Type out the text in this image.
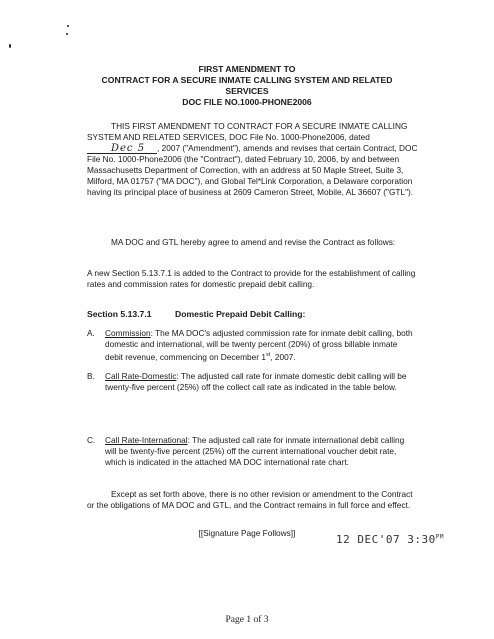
FIRST AMENDMENT TO
CONTRACT FOR A SECURE INMATE CALLING SYSTEM AND RELATED
SERVICES
DOC FILE NO.1000-PHONE2006

THIS FIRST AMENDMENT TO CONTRACT FOR A SECURE INMATE CALLING SYSTEM AND RELATED SERVICES, DOC File No. 1000-Phone2006, dated Dec 5 , 2007 ("Amendment"), amends and revises that certain Contract, DOC File No. 1000-Phone2006 (the "Contract"), dated February 10, 2006, by and between Massachusetts Department of Correction, with an address at 50 Maple Street, Suite 3, Milford, MA 01757 ("MA DOC"), and Global Tel*Link Corporation, a Delaware corporation having its principal place of business at 2609 Cameron Street, Mobile, AL 36607 ("GTL").

MA DOC and GTL hereby agree to amend and revise the Contract as follows:

A new Section 5.13.7.1 is added to the Contract to provide for the establishment of calling rates and commission rates for domestic prepaid debit calling.

Section 5.13.7.1	Domestic Prepaid Debit Calling:
A.	Commission: The MA DOC's adjusted commission rate for inmate debit calling, both domestic and international, will be twenty percent (20%) of gross billable inmate debit revenue, commencing on December 1st, 2007.
B.	Call Rate-Domestic: The adjusted call rate for inmate domestic debit calling will be twenty-five percent (25%) off the collect call rate as indicated in the table below.
C.	Call Rate-International: The adjusted call rate for inmate international debit calling will be twenty-five percent (25%) off the current international voucher debit rate, which is indicated in the attached MA DOC international rate chart.

Except as set forth above, there is no other revision or amendment to the Contract or the obligations of MA DOC and GTL, and the Contract remains in full force and effect.

[[Signature Page Follows]]	12 DEC'07 $3:30^{PM}$
Page 1 of 3
